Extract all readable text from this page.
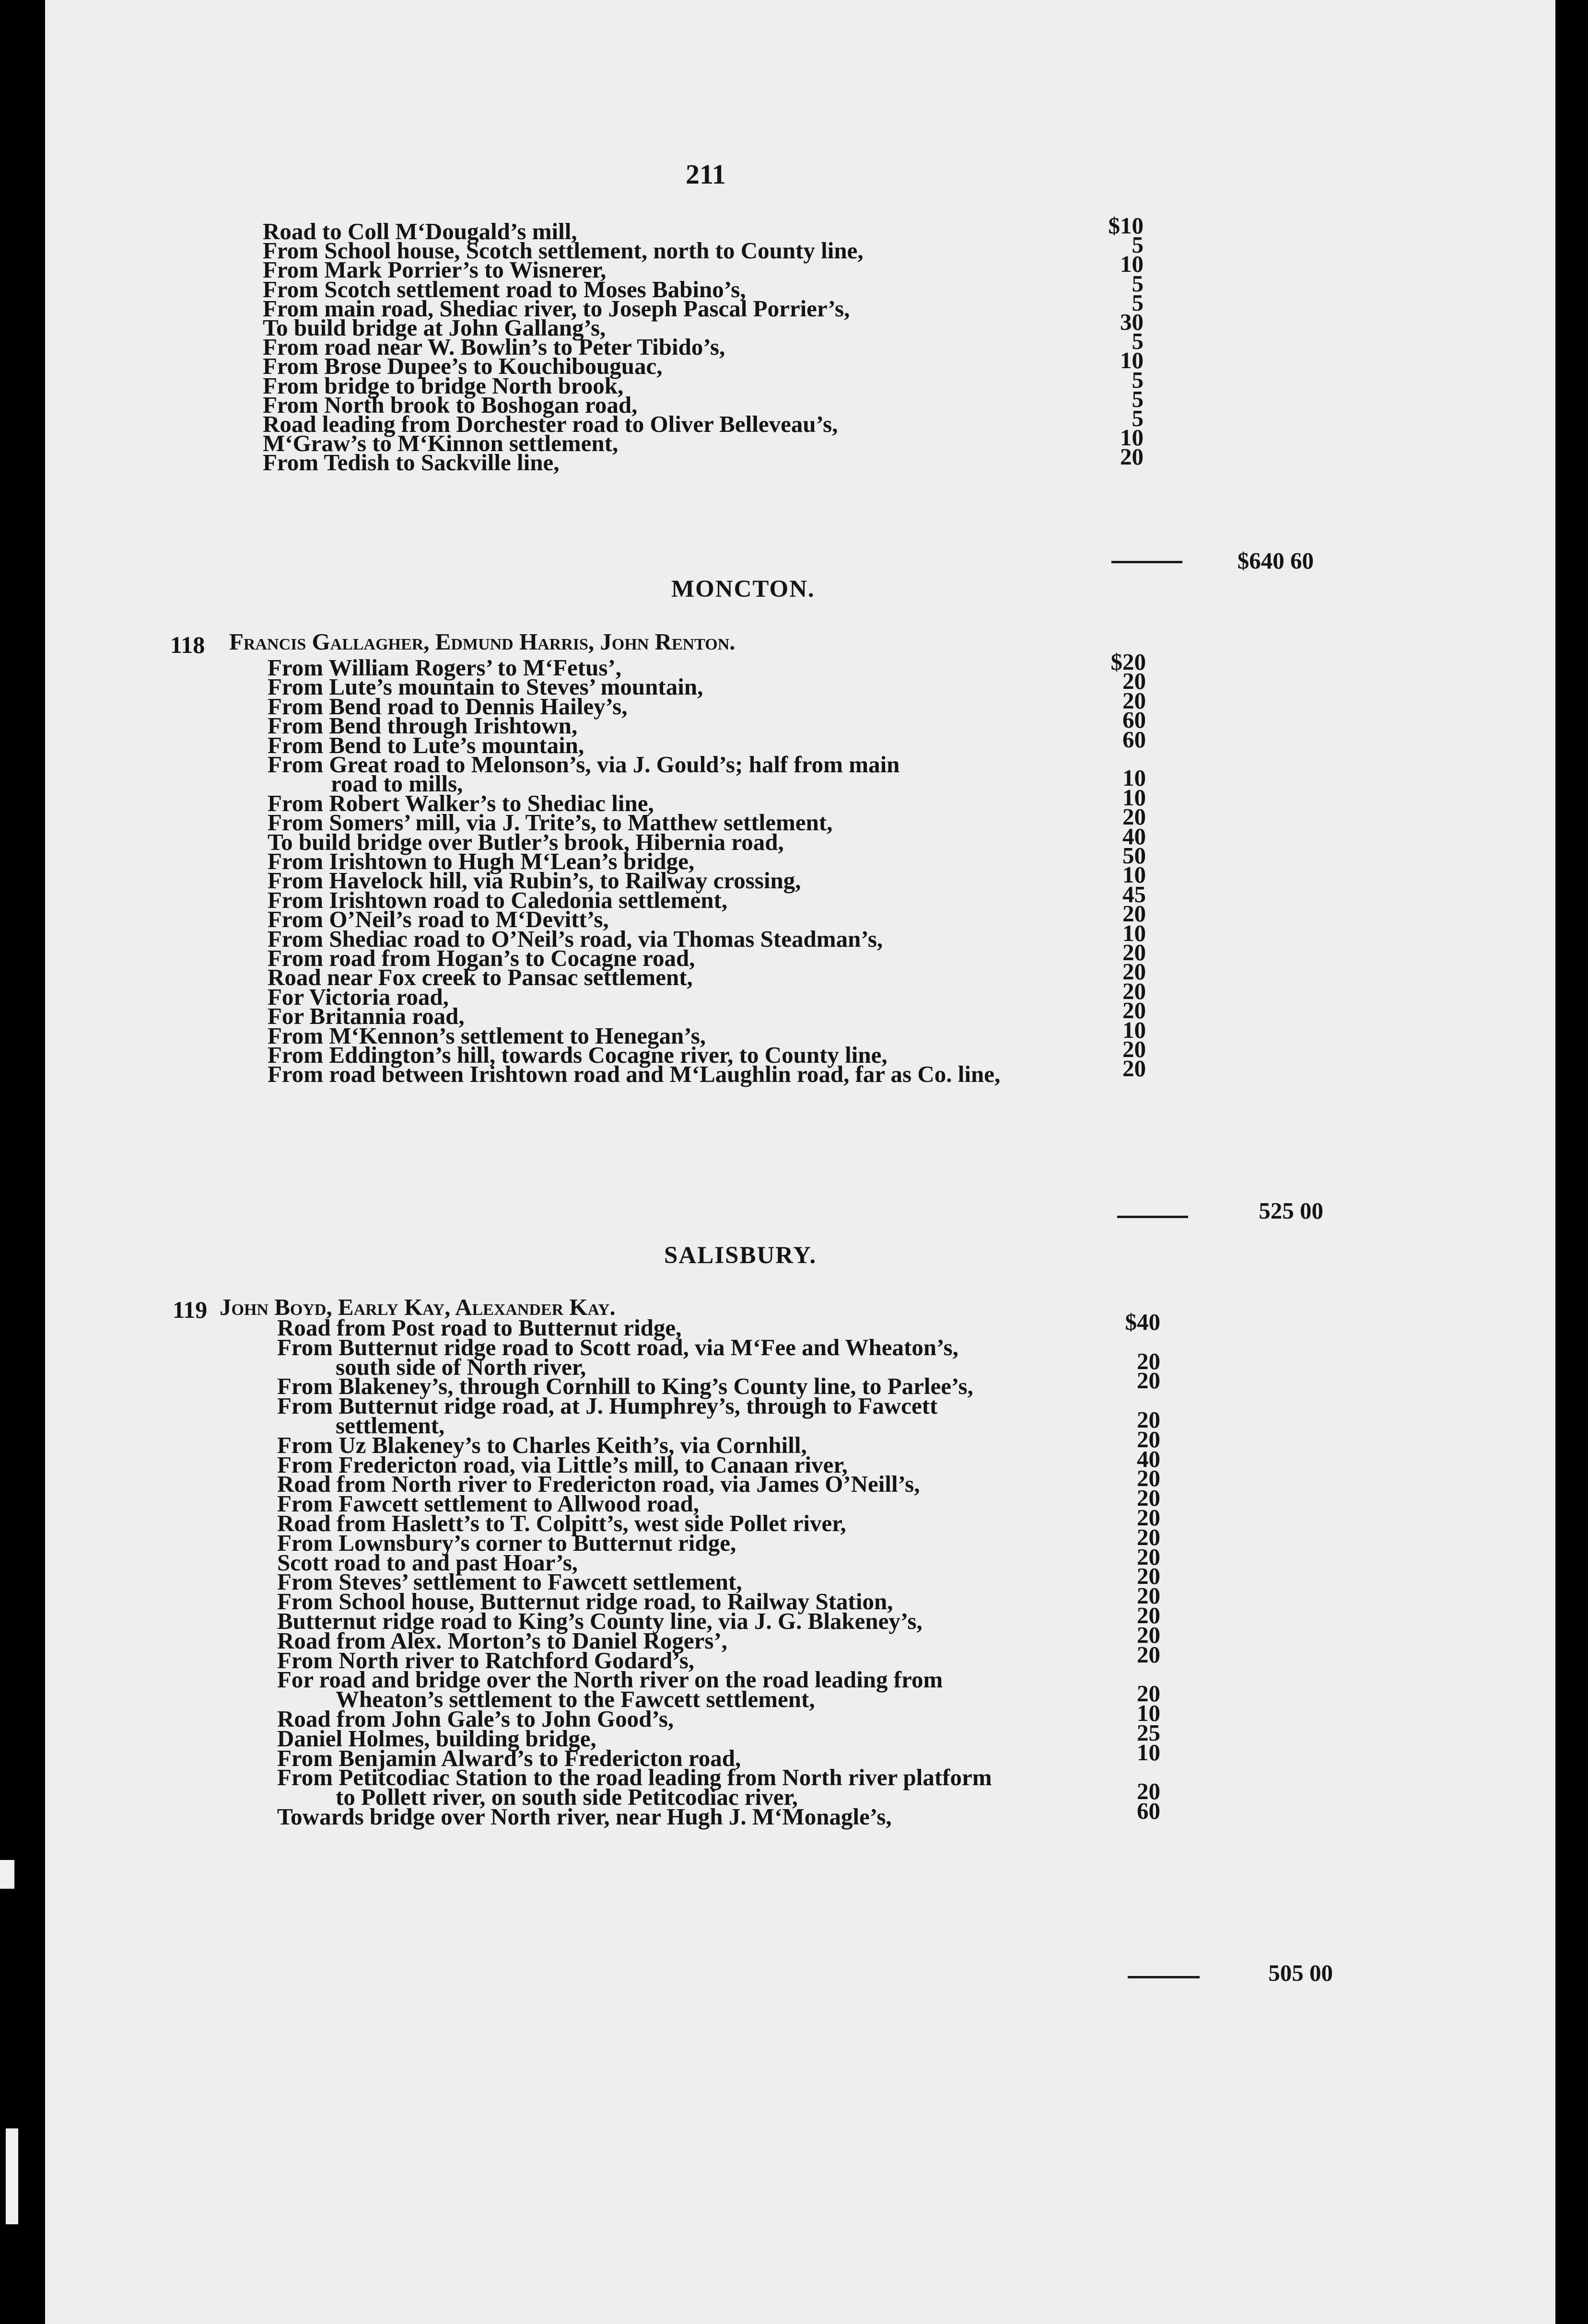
211
Road to Coll M‘Dougald’s mill,	$10
From School house, Scotch settlement, north to County line,	5
From Mark Porrier’s to Wisnerer,	10
From Scotch settlement road to Moses Babino’s,	5
From main road, Shediac river, to Joseph Pascal Porrier’s,	5
To build bridge at John Gallang’s,	30
From road near W. Bowlin’s to Peter Tibido’s,	5
From Brose Dupee’s to Kouchibouguac,	10
From bridge to bridge North brook,	5
From North brook to Boshogan road,	5
Road leading from Dorchester road to Oliver Belleveau’s,	5
M‘Graw’s to M‘Kinnon settlement,	10
From Tedish to Sackville line,	20
$640 60
MONCTON.
118 Francis Gallagher, Edmund Harris, John Renton.
From William Rogers’ to M‘Fetus’,	$20
From Lute’s mountain to Steves’ mountain,	20
From Bend road to Dennis Hailey’s,	20
From Bend through Irishtown,	60
From Bend to Lute’s mountain,	60
From Great road to Melonson’s, via J. Gould’s; half from main
road to mills,	10
From Robert Walker’s to Shediac line,	10
From Somers’ mill, via J. Trite’s, to Matthew settlement,	20
To build bridge over Butler’s brook, Hibernia road,	40
From Irishtown to Hugh M‘Lean’s bridge,	50
From Havelock hill, via Rubin’s, to Railway crossing,	10
From Irishtown road to Caledonia settlement,	45
From O’Neil’s road to M‘Devitt’s,	20
From Shediac road to O’Neil’s road, via Thomas Steadman’s,	10
From road from Hogan’s to Cocagne road,	20
Road near Fox creek to Pansac settlement,	20
For Victoria road,	20
For Britannia road,	20
From M‘Kennon’s settlement to Henegan’s,	10
From Eddington’s hill, towards Cocagne river, to County line,	20
From road between Irishtown road and M‘Laughlin road, far as Co. line,	20
525 00
SALISBURY.
119 John Boyd, Early Kay, Alexander Kay.
Road from Post road to Butternut ridge,	$40
From Butternut ridge road to Scott road, via M‘Fee and Wheaton’s,
south side of North river,	20
From Blakeney’s, through Cornhill to King’s County line, to Parlee’s,	20
From Butternut ridge road, at J. Humphrey’s, through to Fawcett
settlement,	20
From Uz Blakeney’s to Charles Keith’s, via Cornhill,	20
From Fredericton road, via Little’s mill, to Canaan river,	40
Road from North river to Fredericton road, via James O’Neill’s,	20
From Fawcett settlement to Allwood road,	20
Road from Haslett’s to T. Colpitt’s, west side Pollet river,	20
From Lownsbury’s corner to Butternut ridge,	20
Scott road to and past Hoar’s,	20
From Steves’ settlement to Fawcett settlement,	20
From School house, Butternut ridge road, to Railway Station,	20
Butternut ridge road to King’s County line, via J. G. Blakeney’s,	20
Road from Alex. Morton’s to Daniel Rogers’,	20
From North river to Ratchford Godard’s,	20
For road and bridge over the North river on the road leading from
Wheaton’s settlement to the Fawcett settlement,	20
Road from John Gale’s to John Good’s,	10
Daniel Holmes, building bridge,	25
From Benjamin Alward’s to Fredericton road,	10
From Petitcodiac Station to the road leading from North river platform
to Pollett river, on south side Petitcodiac river,	20
Towards bridge over North river, near Hugh J. M‘Monagle’s,	60
505 00
